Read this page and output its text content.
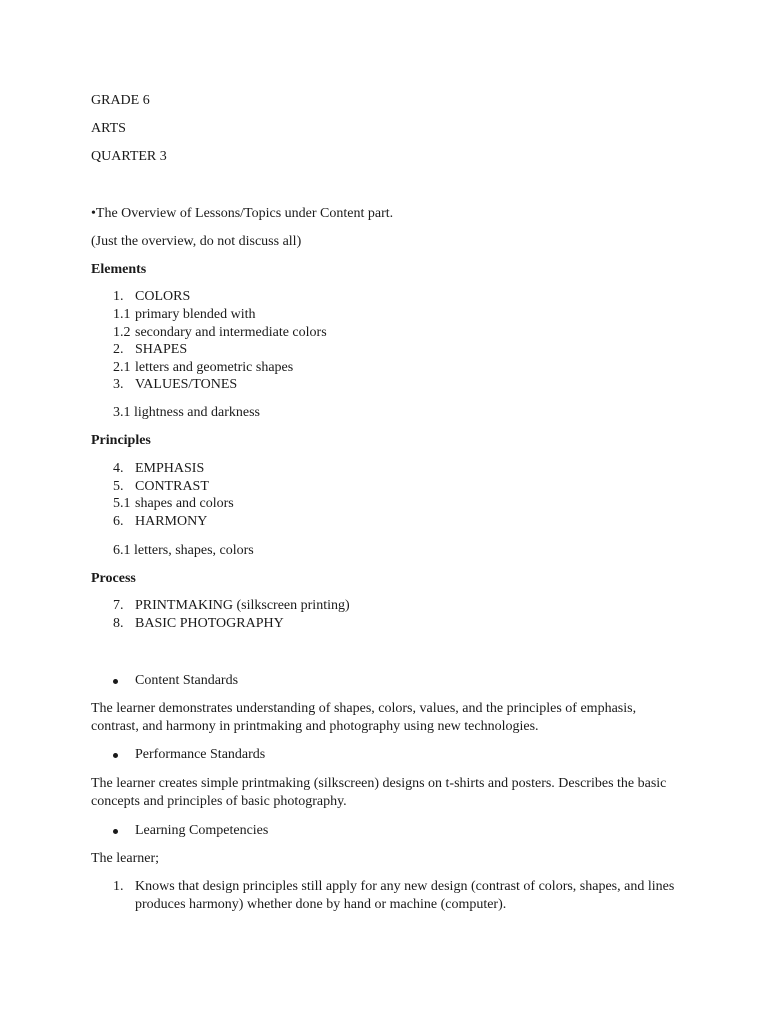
GRADE 6
ARTS
QUARTER 3
•The Overview of Lessons/Topics under Content part.
(Just the overview, do not discuss all)
Elements
1. COLORS
1.1 primary blended with
1.2 secondary and intermediate colors
2. SHAPES
2.1 letters and geometric shapes
3. VALUES/TONES
3.1 lightness and darkness
Principles
4. EMPHASIS
5. CONTRAST
5.1 shapes and colors
6. HARMONY
6.1 letters, shapes, colors
Process
7. PRINTMAKING (silkscreen printing)
8. BASIC PHOTOGRAPHY
Content Standards
The learner demonstrates understanding of shapes, colors, values, and the principles of emphasis, contrast, and harmony in printmaking and photography using new technologies.
Performance Standards
The learner creates simple printmaking (silkscreen) designs on t-shirts and posters. Describes the basic concepts and principles of basic photography.
Learning Competencies
The learner;
1. Knows that design principles still apply for any new design (contrast of colors, shapes, and lines produces harmony) whether done by hand or machine (computer).
